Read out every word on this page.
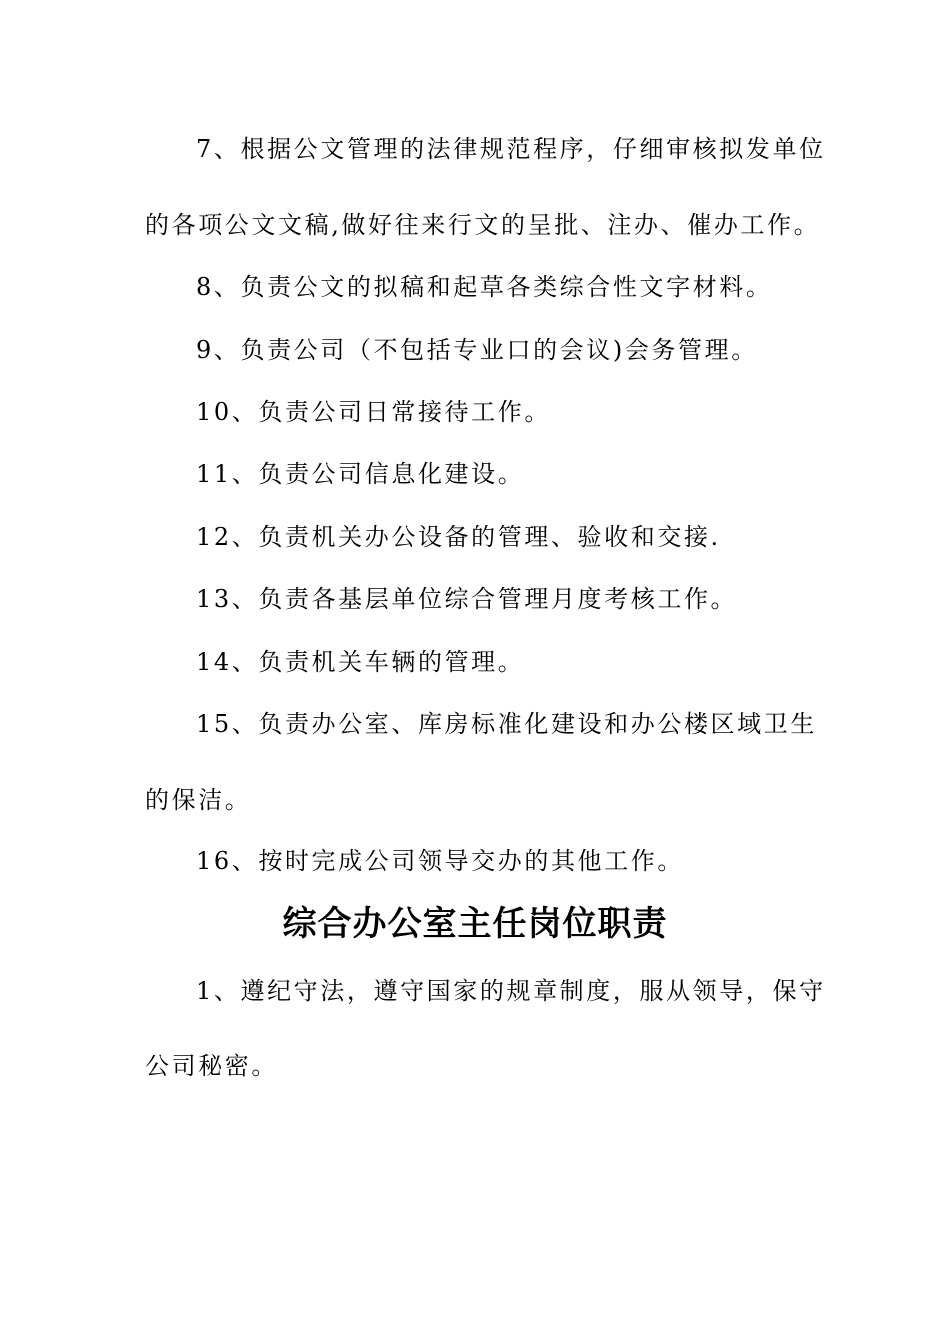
7、根据公文管理的法律规范程序，仔细审核拟发单位
的各项公文文稿,做好往来行文的呈批、注办、催办工作。
8、负责公文的拟稿和起草各类综合性文字材料。
9、负责公司（不包括专业口的会议)会务管理。
10、负责公司日常接待工作。
11、负责公司信息化建设。
12、负责机关办公设备的管理、验收和交接.
13、负责各基层单位综合管理月度考核工作。
14、负责机关车辆的管理。
15、负责办公室、库房标准化建设和办公楼区域卫生
的保洁。
16、按时完成公司领导交办的其他工作。
综合办公室主任岗位职责
1、遵纪守法，遵守国家的规章制度，服从领导，保守
公司秘密。
